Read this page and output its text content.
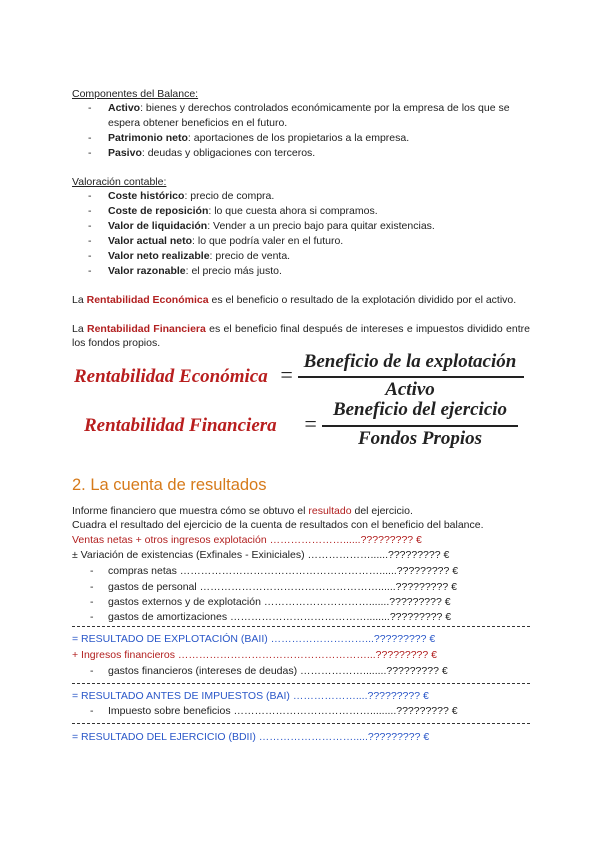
Componentes del Balance:
- Activo: bienes y derechos controlados económicamente por la empresa de los que se espera obtener beneficios en el futuro.
- Patrimonio neto: aportaciones de los propietarios a la empresa.
- Pasivo: deudas y obligaciones con terceros.
Valoración contable:
- Coste histórico: precio de compra.
- Coste de reposición: lo que cuesta ahora si compramos.
- Valor de liquidación: Vender a un precio bajo para quitar existencias.
- Valor actual neto: lo que podría valer en el futuro.
- Valor neto realizable: precio de venta.
- Valor razonable: el precio más justo.
La Rentabilidad Económica es el beneficio o resultado de la explotación dividido por el activo.
La Rentabilidad Financiera es el beneficio final después de intereses e impuestos dividido entre los fondos propios.
Rentabilidad Económica =
Beneficio de la explotación
Activo
Rentabilidad Financiera =
Beneficio del ejercicio
Fondos Propios
2. La cuenta de resultados
Informe financiero que muestra cómo se obtuvo el resultado del ejercicio.
Cuadra el resultado del ejercicio de la cuenta de resultados con el beneficio del balance.
Ventas netas + otros ingresos explotación …………………......????????? €
± Variación de existencias (Exfinales - Exiniciales) ………………......????????? €
- compras netas …………………………………………………......????????? €
- gastos de personal ……………………………………………......????????? €
- gastos externos y de explotación ………………………….......????????? €
- gastos de amortizaciones …………………………………........????????? €
= RESULTADO DE EXPLOTACIÓN (BAII) ………………………...????????? €
+ Ingresos financieros ………………………………………………...????????? €
- gastos financieros (intereses de deudas) ………………........????????? €
= RESULTADO ANTES DE IMPUESTOS (BAI) ………………....????????? €
- Impuesto sobre beneficios ………………………………….........????????? €
= RESULTADO DEL EJERCICIO (BDII) ……………………….....????????? €
